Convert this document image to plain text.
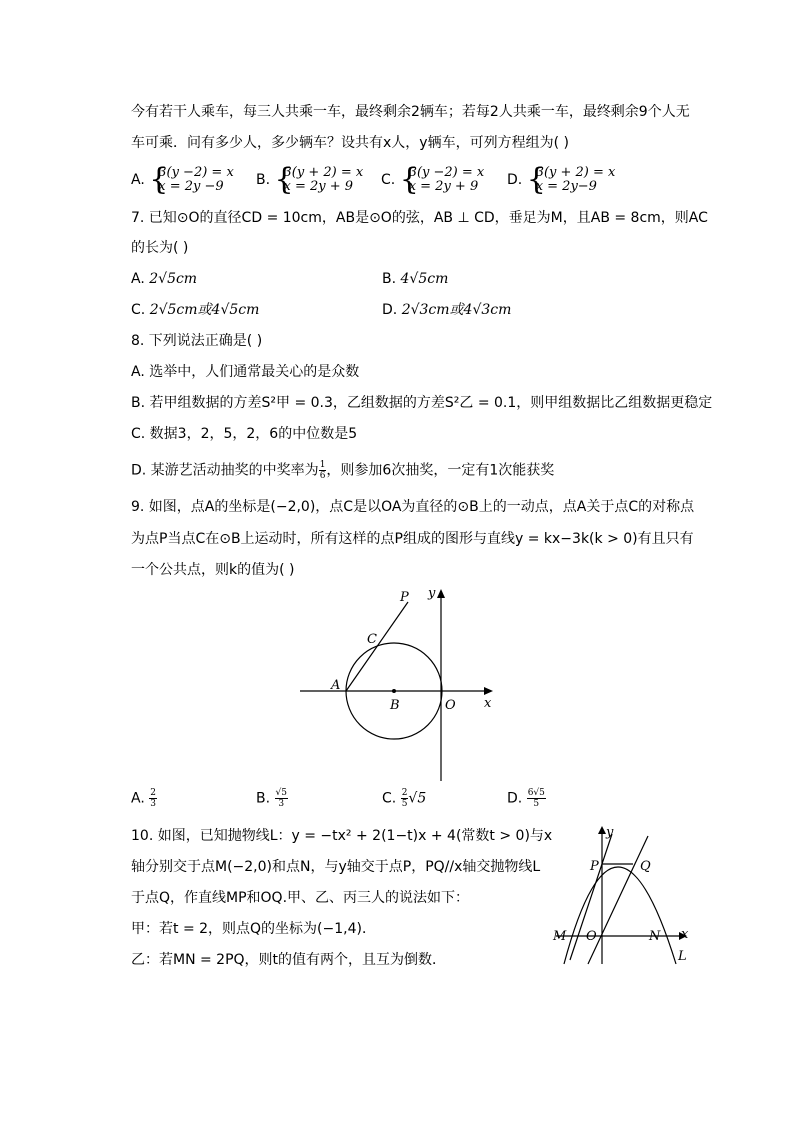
今有若干人乘车，每三人共乘一车，最终剩余2辆车；若每2人共乘一车，最终剩余9个人无
车可乘．问有多少人，多少辆车？设共有x人，y辆车，可列方程组为( )
A. {
3(y −2) = x
x = 2y −9	B. {
3(y + 2) = x
x = 2y + 9	C. {
3(y −2) = x
x = 2y + 9	D. {
3(y + 2) = x
x = 2y−9
7. 已知⊙O的直径CD = 10cm，AB是⊙O的弦，AB ⊥ CD，垂足为M，且AB = 8cm，则AC
的长为( )
A. 2√5cm	B. 4√5cm
C. 2√5cm或4√5cm	D. 2√3cm或4√3cm
8. 下列说法正确是( )
A. 选举中，人们通常最关心的是众数
B. 若甲组数据的方差S²甲 = 0.3，乙组数据的方差S²乙 = 0.1，则甲组数据比乙组数据更稳定
C. 数据3，2，5，2，6的中位数是5
D. 某游艺活动抽奖的中奖率为 $\frac{1}{6}$ ，则参加6次抽奖，一定有1次能获奖
9. 如图，点A的坐标是(−2,0)，点C是以OA为直径的⊙B上的一动点，点A关于点C的对称点
为点P当点C在⊙B上运动时，所有这样的点P组成的图形与直线y = kx−3k(k > 0)有且只有
一个公共点，则k的值为( )
P y
C
A
B	O x
A. $\frac{2}{3}$	B. $\frac{√5}{3}$	C. $\frac{2}{5} √5$	D. $\frac{6√5}{5}$
10. 如图，已知抛物线L：y = −tx² + 2(1−t)x + 4(常数t > 0)与x
轴分别交于点M(−2,0)和点N，与y轴交于点P，PQ//x轴交抛物线L
于点Q，作直线MP和OQ.甲、乙、丙三人的说法如下：
甲：若t = 2，则点Q的坐标为(−1,4)．
乙：若MN = 2PQ，则t的值有两个，且互为倒数．
y
P	Q
M O	N x
L
